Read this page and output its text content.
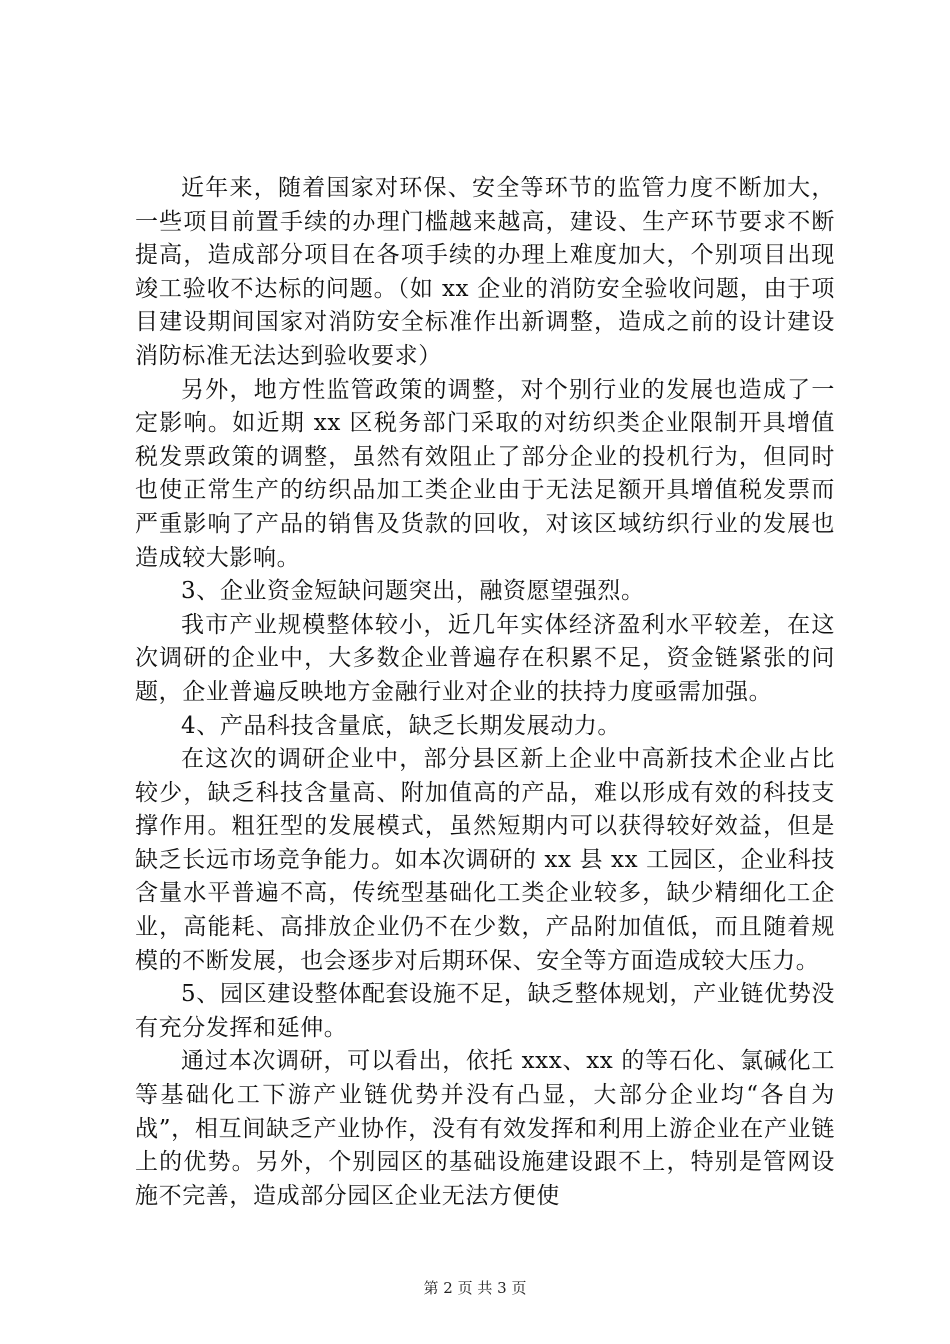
近年来，随着国家对环保、安全等环节的监管力度不断加大，一些项目前置手续的办理门槛越来越高，建设、生产环节要求不断提高，造成部分项目在各项手续的办理上难度加大，个别项目出现竣工验收不达标的问题。（如 xx 企业的消防安全验收问题，由于项目建设期间国家对消防安全标准作出新调整，造成之前的设计建设消防标准无法达到验收要求）

另外，地方性监管政策的调整，对个别行业的发展也造成了一定影响。如近期 xx 区税务部门采取的对纺织类企业限制开具增值税发票政策的调整，虽然有效阻止了部分企业的投机行为，但同时也使正常生产的纺织品加工类企业由于无法足额开具增值税发票而严重影响了产品的销售及货款的回收，对该区域纺织行业的发展也造成较大影响。

3、企业资金短缺问题突出，融资愿望强烈。

我市产业规模整体较小，近几年实体经济盈利水平较差，在这次调研的企业中，大多数企业普遍存在积累不足，资金链紧张的问题，企业普遍反映地方金融行业对企业的扶持力度亟需加强。

4、产品科技含量底，缺乏长期发展动力。

在这次的调研企业中，部分县区新上企业中高新技术企业占比较少，缺乏科技含量高、附加值高的产品，难以形成有效的科技支撑作用。粗狂型的发展模式，虽然短期内可以获得较好效益，但是缺乏长远市场竞争能力。如本次调研的 xx 县 xx 工园区，企业科技含量水平普遍不高，传统型基础化工类企业较多，缺少精细化工企业，高能耗、高排放企业仍不在少数，产品附加值低，而且随着规模的不断发展，也会逐步对后期环保、安全等方面造成较大压力。

5、园区建设整体配套设施不足，缺乏整体规划，产业链优势没有充分发挥和延伸。

通过本次调研，可以看出，依托 xxx、xx 的等石化、氯碱化工等基础化工下游产业链优势并没有凸显，大部分企业均“各自为战”，相互间缺乏产业协作，没有有效发挥和利用上游企业在产业链上的优势。另外，个别园区的基础设施建设跟不上，特别是管网设施不完善，造成部分园区企业无法方便使

第 2 页 共 3 页
